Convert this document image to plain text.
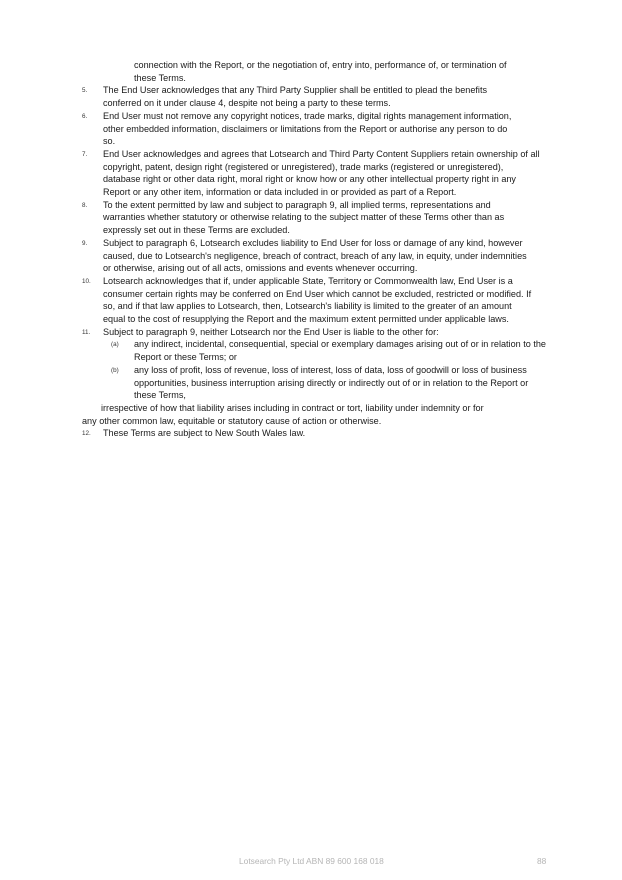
connection with the Report, or the negotiation of, entry into, performance of, or termination of
these Terms.
5. The End User acknowledges that any Third Party Supplier shall be entitled to plead the benefits
conferred on it under clause 4, despite not being a party to these terms.
6. End User must not remove any copyright notices, trade marks, digital rights management information,
other embedded information, disclaimers or limitations from the Report or authorise any person to do
so.
7. End User acknowledges and agrees that Lotsearch and Third Party Content Suppliers retain ownership of all
copyright, patent, design right (registered or unregistered), trade marks (registered or unregistered),
database right or other data right, moral right or know how or any other intellectual property right in any
Report or any other item, information or data included in or provided as part of a Report.
8. To the extent permitted by law and subject to paragraph 9, all implied terms, representations and
warranties whether statutory or otherwise relating to the subject matter of these Terms other than as
expressly set out in these Terms are excluded.
9. Subject to paragraph 6, Lotsearch excludes liability to End User for loss or damage of any kind, however
caused, due to Lotsearch's negligence, breach of contract, breach of any law, in equity, under indemnities
or otherwise, arising out of all acts, omissions and events whenever occurring.
10. Lotsearch acknowledges that if, under applicable State, Territory or Commonwealth law, End User is a
consumer certain rights may be conferred on End User which cannot be excluded, restricted or modified. If
so, and if that law applies to Lotsearch, then, Lotsearch's liability is limited to the greater of an amount
equal to the cost of resupplying the Report and the maximum extent permitted under applicable laws.
11. Subject to paragraph 9, neither Lotsearch nor the End User is liable to the other for:
(a) any indirect, incidental, consequential, special or exemplary damages arising out of or in relation to the
Report or these Terms; or
(b) any loss of profit, loss of revenue, loss of interest, loss of data, loss of goodwill or loss of business
opportunities, business interruption arising directly or indirectly out of or in relation to the Report or
these Terms,
irrespective of how that liability arises including in contract or tort, liability under indemnity or for
any other common law, equitable or statutory cause of action or otherwise.
12. These Terms are subject to New South Wales law.
Lotsearch Pty Ltd ABN 89 600 168 018	88
